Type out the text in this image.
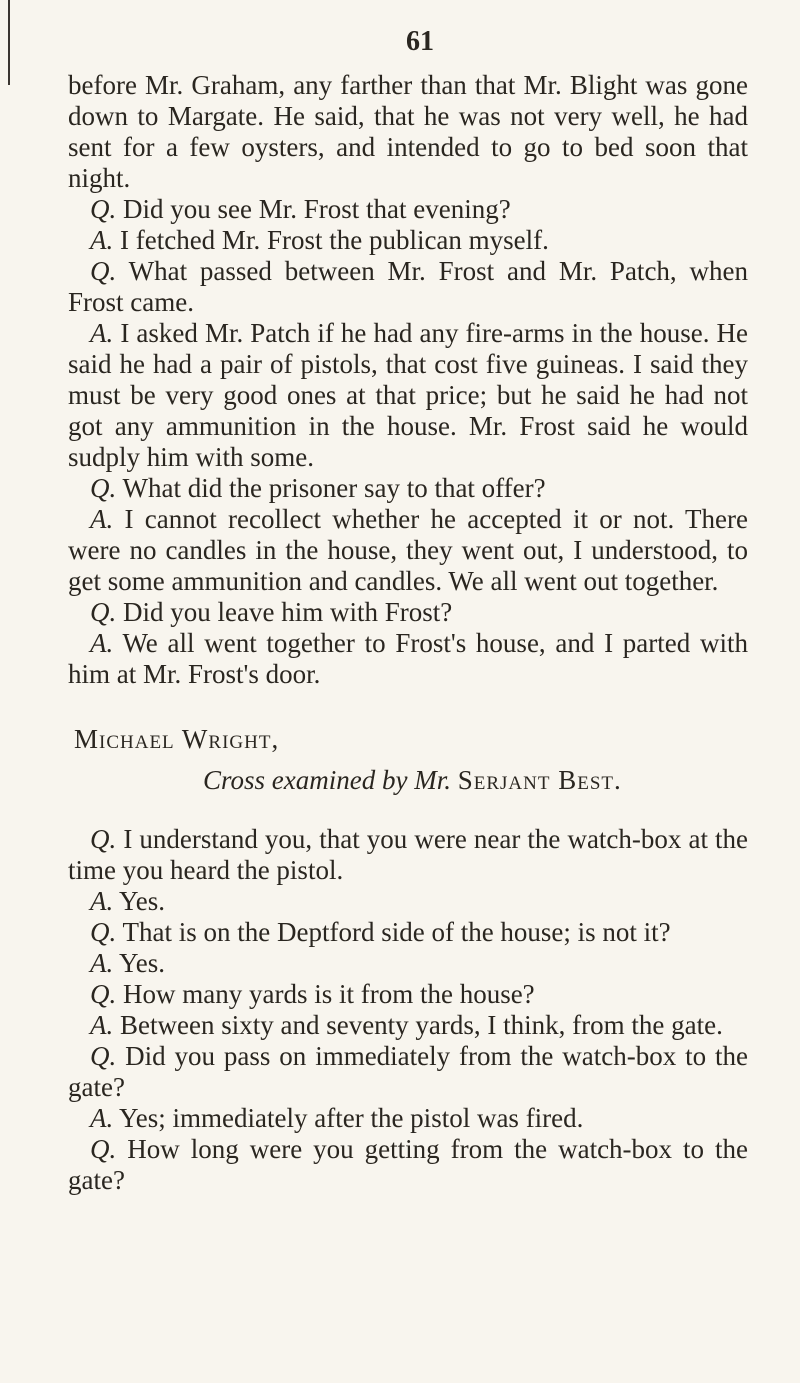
61

before Mr. Graham, any farther than that Mr. Blight was gone down to Margate. He said, that he was not very well, he had sent for a few oysters, and intended to go to bed soon that night.

Q. Did you see Mr. Frost that evening?

A. I fetched Mr. Frost the publican myself.

Q. What passed between Mr. Frost and Mr. Patch, when Frost came.

A. I asked Mr. Patch if he had any fire-arms in the house. He said he had a pair of pistols, that cost five guineas. I said they must be very good ones at that price; but he said he had not got any ammunition in the house. Mr. Frost said he would sudply him with some.

Q. What did the prisoner say to that offer?

A. I cannot recollect whether he accepted it or not. There were no candles in the house, they went out, I understood, to get some ammunition and candles. We all went out together.

Q. Did you leave him with Frost?

A. We all went together to Frost's house, and I parted with him at Mr. Frost's door.

Michael Wright,

Cross examined by Mr. Serjant Best.

Q. I understand you, that you were near the watch-box at the time you heard the pistol.

A. Yes.

Q. That is on the Deptford side of the house; is not it?

A. Yes.

Q. How many yards is it from the house?

A. Between sixty and seventy yards, I think, from the gate.

Q. Did you pass on immediately from the watch-box to the gate?

A. Yes; immediately after the pistol was fired.

Q. How long were you getting from the watch-box to the gate?
